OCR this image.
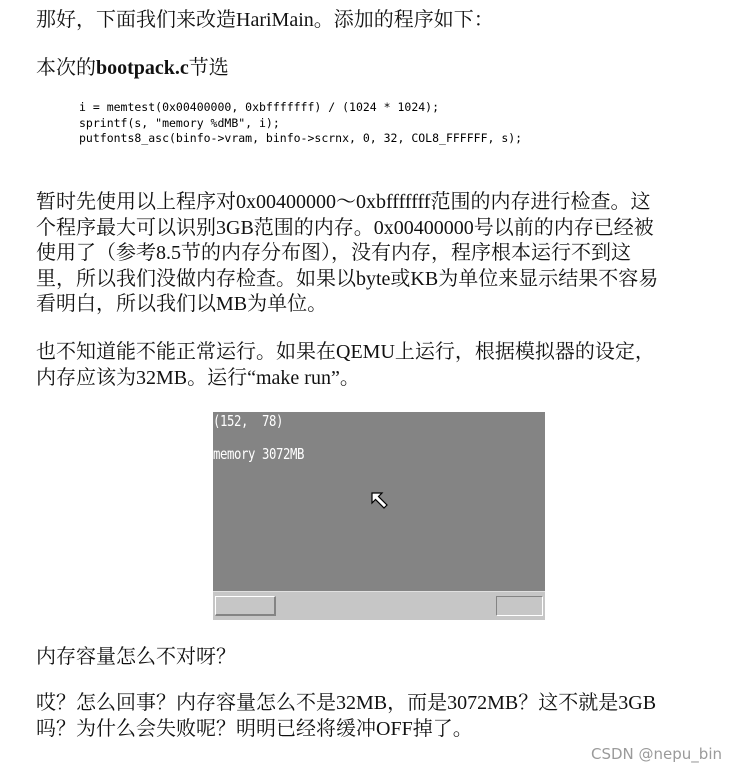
那好，下面我们来改造HariMain。添加的程序如下：

本次的bootpack.c节选

i = memtest(0x00400000, 0xbfffffff) / (1024 * 1024);
sprintf(s, "memory %dMB", i);
putfonts8_asc(binfo->vram, binfo->scrnx, 0, 32, COL8_FFFFFF, s);

暂时先使用以上程序对0x00400000～0xbfffffff范围的内存进行检查。这
个程序最大可以识别3GB范围的内存。0x00400000号以前的内存已经被
使用了（参考8.5节的内存分布图），没有内存，程序根本运行不到这
里，所以我们没做内存检查。如果以byte或KB为单位来显示结果不容易
看明白，所以我们以MB为单位。

也不知道能不能正常运行。如果在QEMU上运行，根据模拟器的设定，
内存应该为32MB。运行“make run”。

(152,  78)
memory 3072MB

内存容量怎么不对呀？

哎？怎么回事？内存容量怎么不是32MB，而是3072MB？这不就是3GB
吗？为什么会失败呢？明明已经将缓冲OFF掉了。

CSDN @nepu_bin
